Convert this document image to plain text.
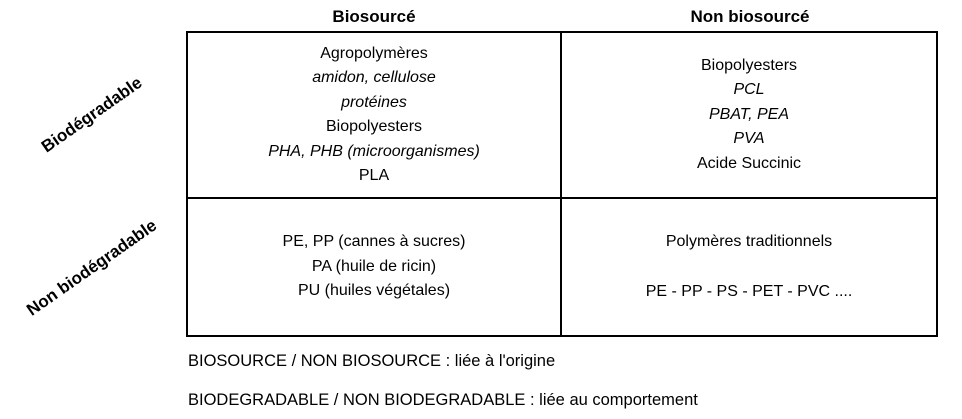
Biosourcé	Non biosourcé
Biodégradable
Non biodégradable
Agropolymères
amidon, cellulose
protéines
Biopolyesters
PHA, PHB (microorganismes)
PLA
Biopolyesters
PCL
PBAT, PEA
PVA
Acide Succinic
PE, PP (cannes à sucres)
PA (huile de ricin)
PU (huiles végétales)
Polymères traditionnels
PE - PP - PS - PET - PVC ....
BIOSOURCE / NON BIOSOURCE : liée à l'origine
BIODEGRADABLE / NON BIODEGRADABLE : liée au comportement
